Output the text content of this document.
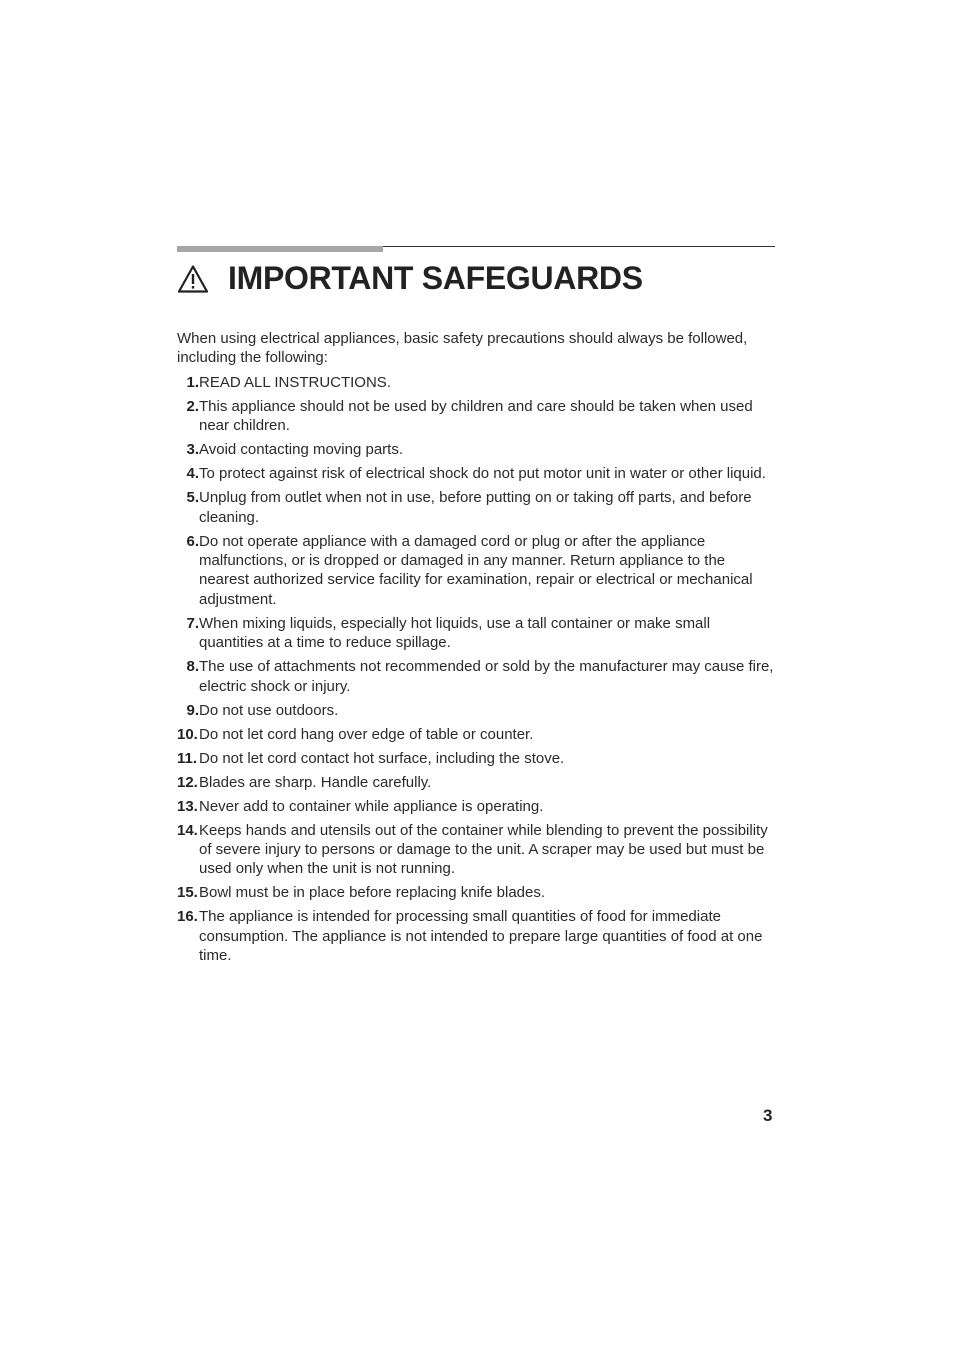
IMPORTANT SAFEGUARDS

When using electrical appliances, basic safety precautions should always be followed, including the following:

1. READ ALL INSTRUCTIONS.
2. This appliance should not be used by children and care should be taken when used near children.
3. Avoid contacting moving parts.
4. To protect against risk of electrical shock do not put motor unit in water or other liquid.
5. Unplug from outlet when not in use, before putting on or taking off parts, and before cleaning.
6. Do not operate appliance with a damaged cord or plug or after the appliance malfunctions, or is dropped or damaged in any manner. Return appliance to the nearest authorized service facility for examination, repair or electrical or mechanical adjustment.
7. When mixing liquids, especially hot liquids, use a tall container or make small quantities at a time to reduce spillage.
8. The use of attachments not recommended or sold by the manufacturer may cause fire, electric shock or injury.
9. Do not use outdoors.
10. Do not let cord hang over edge of table or counter.
11. Do not let cord contact hot surface, including the stove.
12. Blades are sharp. Handle carefully.
13. Never add to container while appliance is operating.
14. Keeps hands and utensils out of the container while blending to prevent the possibility of severe injury to persons or damage to the unit. A scraper may be used but must be used only when the unit is not running.
15. Bowl must be in place before replacing knife blades.
16. The appliance is intended for processing small quantities of food for immediate consumption. The appliance is not intended to prepare large quantities of food at one time.
3
